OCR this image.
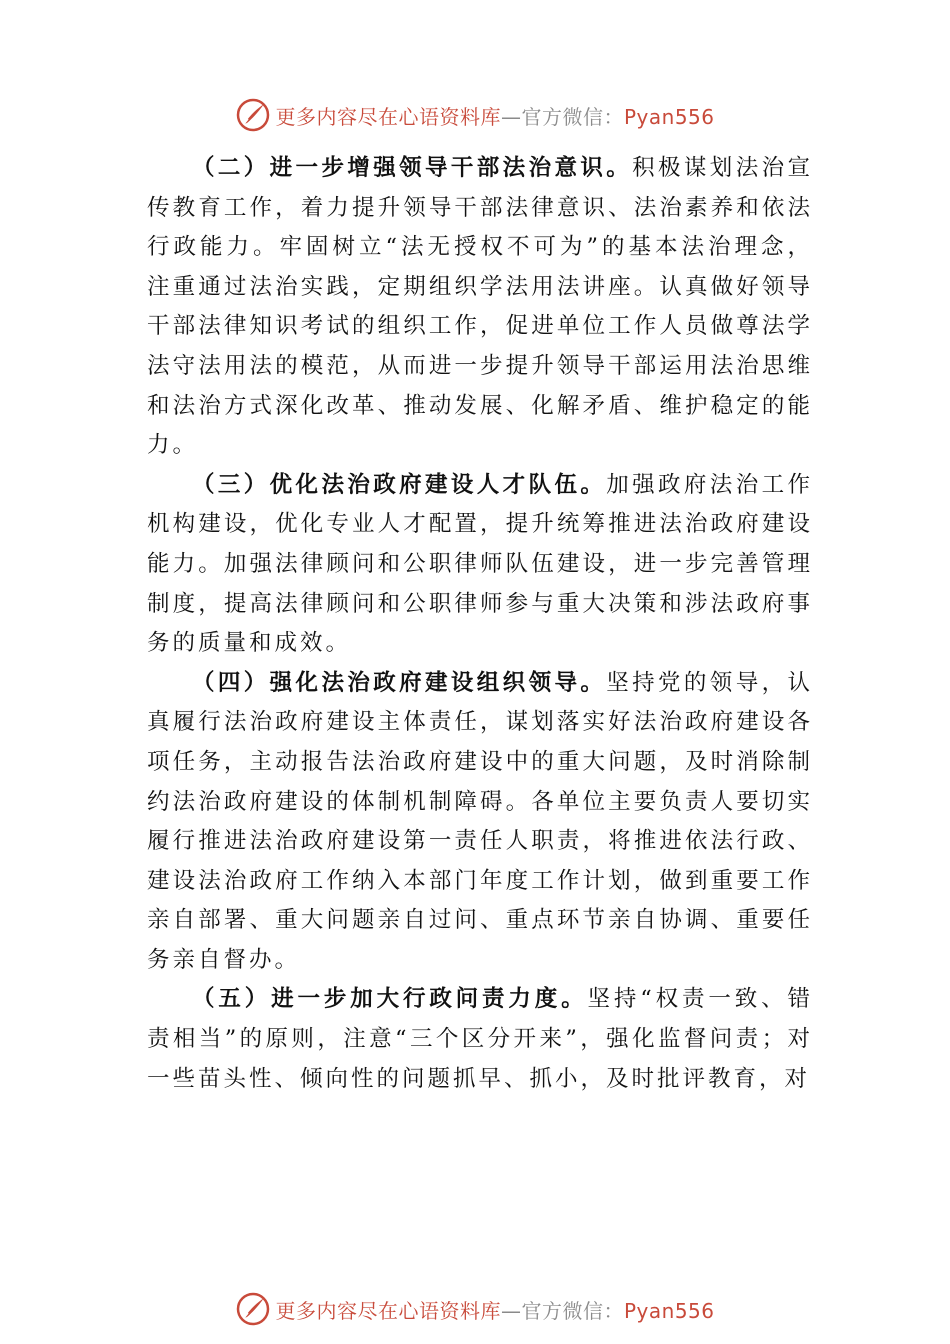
更多内容尽在心语资料库—官方微信：Pyan556

（二）进一步增强领导干部法治意识。积极谋划法治宣传教育工作，着力提升领导干部法律意识、法治素养和依法行政能力。牢固树立“法无授权不可为”的基本法治理念， 注重通过法治实践，定期组织学法用法讲座。认真做好领导干部法律知识考试的组织工作，促进单位工作人员做尊法学法守法用法的模范，从而进一步提升领导干部运用法治思维和法治方式深化改革、推动发展、化解矛盾、维护稳定的能力。

（三）优化法治政府建设人才队伍。加强政府法治工作机构建设，优化专业人才配置，提升统筹推进法治政府建设能力。加强法律顾问和公职律师队伍建设，进一步完善管理制度，提高法律顾问和公职律师参与重大决策和涉法政府事务的质量和成效。

（四）强化法治政府建设组织领导。坚持党的领导，认真履行法治政府建设主体责任，谋划落实好法治政府建设各项任务，主动报告法治政府建设中的重大问题，及时消除制约法治政府建设的体制机制障碍。各单位主要负责人要切实履行推进法治政府建设第一责任人职责，将推进依法行政、 建设法治政府工作纳入本部门年度工作计划，做到重要工作亲自部署、重大问题亲自过问、重点环节亲自协调、重要任务亲自督办。

（五）进一步加大行政问责力度。坚持“权责一致、错责相当”的原则，注意“三个区分开来”，强化监督问责；对一些苗头性、倾向性的问题抓早、抓小，及时批评教育，对

更多内容尽在心语资料库—官方微信：Pyan556
